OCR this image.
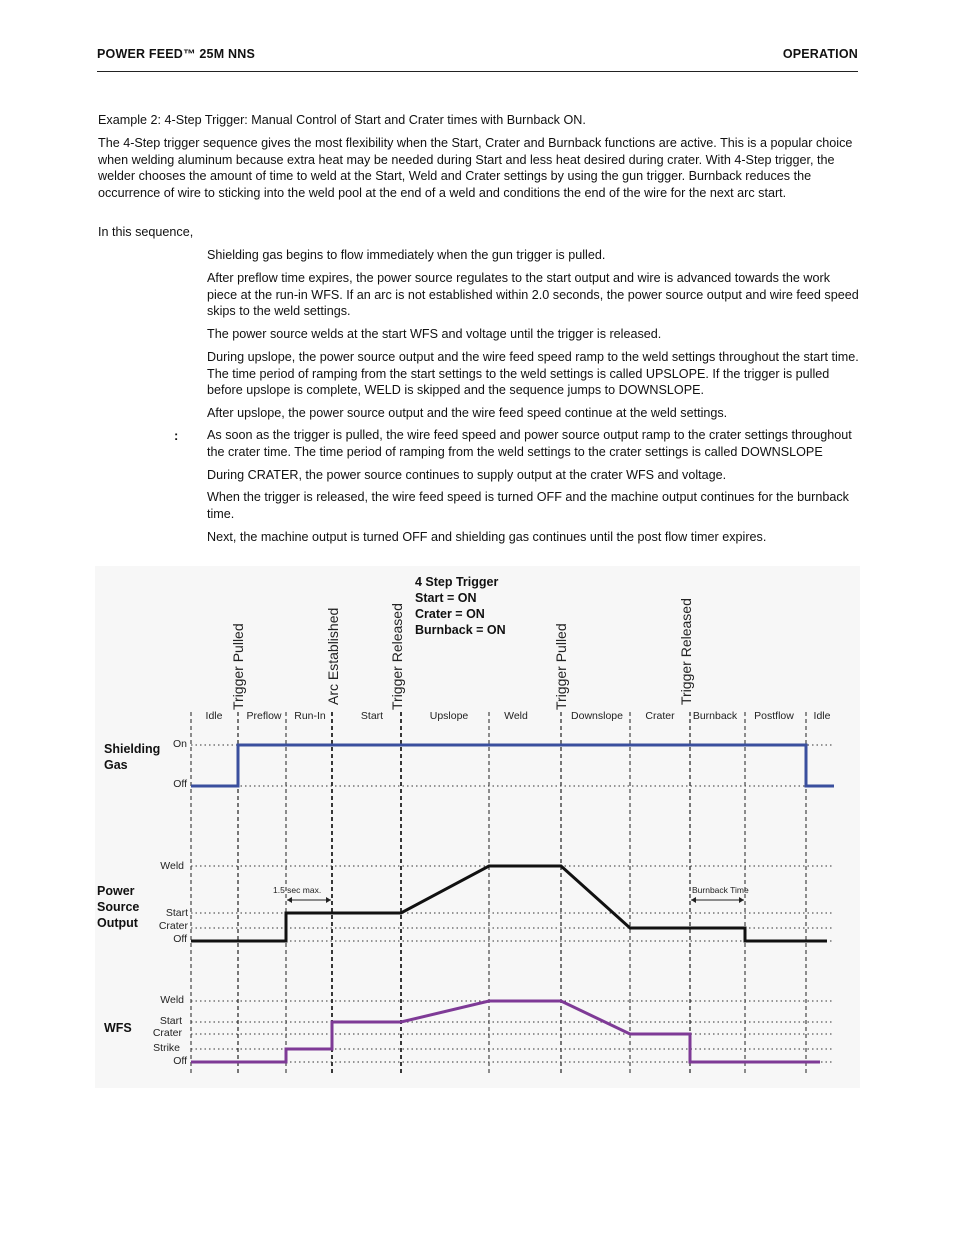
POWER FEED™ 25M NNS	OPERATION
Example 2: 4-Step Trigger: Manual Control of Start and Crater times with Burnback ON.
The 4-Step trigger sequence gives the most flexibility when the Start, Crater and Burnback functions are active. This is a popular choice when welding aluminum because extra heat may be needed during Start and less heat desired during crater. With 4-Step trigger, the welder chooses the amount of time to weld at the Start, Weld and Crater settings by using the gun trigger. Burnback reduces the occurrence of wire to sticking into the weld pool at the end of a weld and conditions the end of the wire for the next arc start.
In this sequence,
Shielding gas begins to flow immediately when the gun trigger is pulled.
After preflow time expires, the power source regulates to the start output and wire is advanced towards the work piece at the run-in WFS. If an arc is not established within 2.0 seconds, the power source output and wire feed speed skips to the weld settings.
The power source welds at the start WFS and voltage until the trigger is released.
During upslope, the power source output and the wire feed speed ramp to the weld settings throughout the start time. The time period of ramping from the start settings to the weld settings is called UPSLOPE. If the trigger is pulled before upslope is complete, WELD is skipped and the sequence jumps to DOWNSLOPE.
After upslope, the power source output and the wire feed speed continue at the weld settings.
: As soon as the trigger is pulled, the wire feed speed and power source output ramp to the crater settings throughout the crater time. The time period of ramping from the weld settings to the crater settings is called DOWNSLOPE
During CRATER, the power source continues to supply output at the crater WFS and voltage.
When the trigger is released, the wire feed speed is turned OFF and the machine output continues for the burnback time.
Next, the machine output is turned OFF and shielding gas continues until the post flow timer expires.
4 Step Trigger
Start = ON
Crater = ON
Burnback = ON
Trigger Pulled	Arc Established	Trigger Released	Trigger Pulled	Trigger Released
Idle Preflow Run-In	Start	Upslope	Weld	Downslope Crater Burnback Postflow Idle
Shielding
Gas
Power
Source
Output
WFS
On
Off
Weld
Start
Crater
Off
Weld
Start
Crater
Strike
Off
1.5 sec max.	Burnback Time
